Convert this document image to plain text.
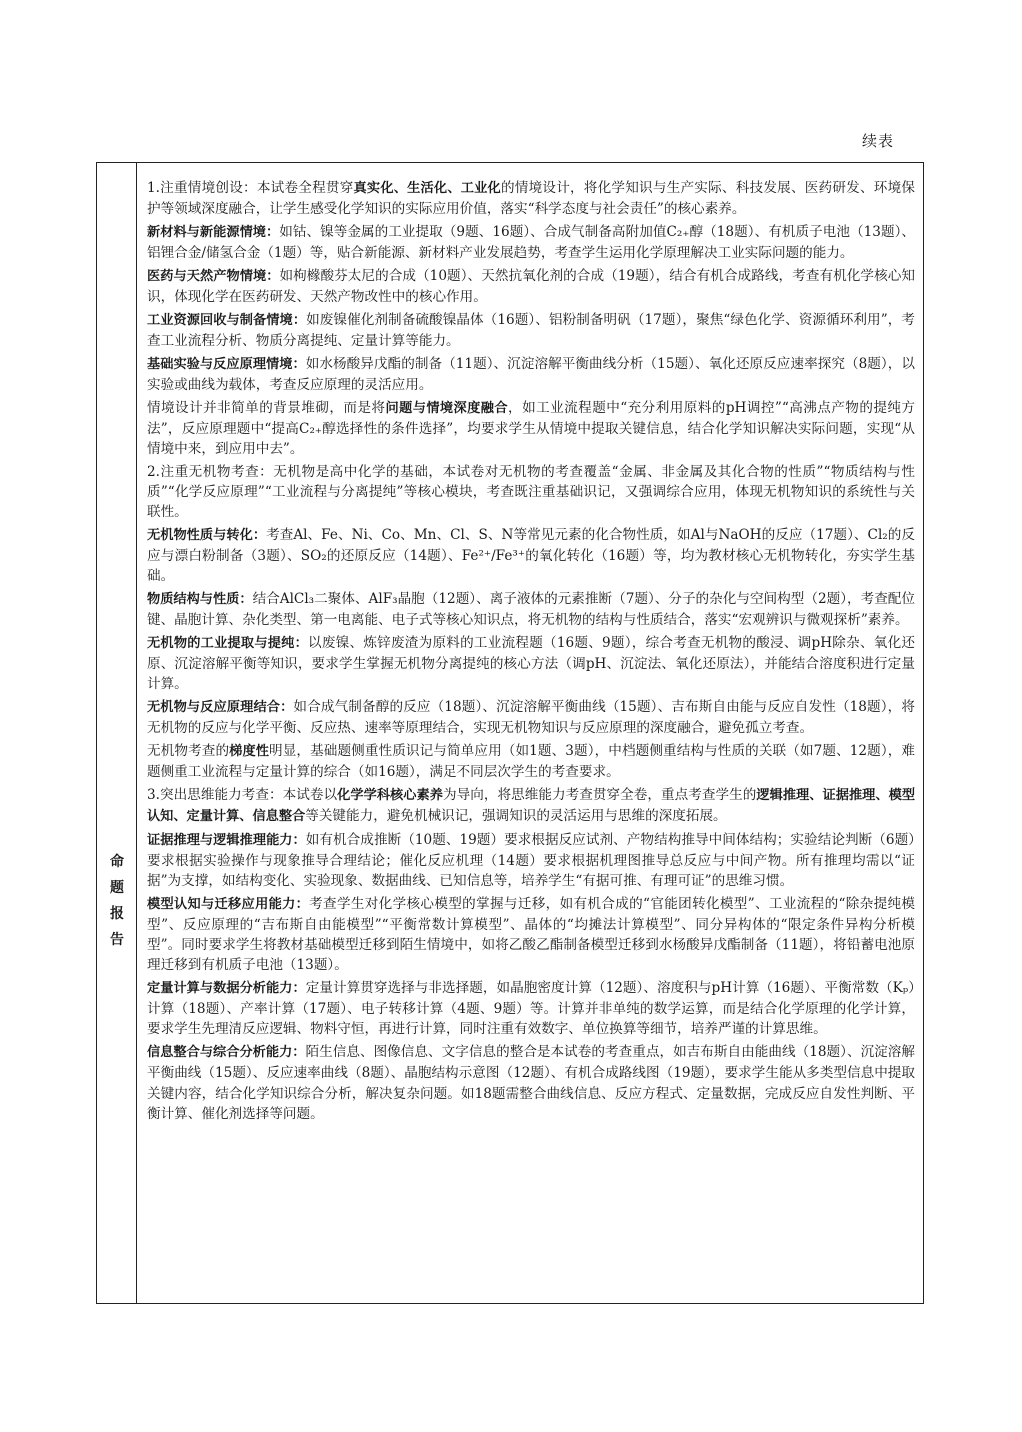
续表
命
题
报
告

1.注重情境创设：本试卷全程贯穿真实化、生活化、工业化的情境设计，将化学知识与生产实际、科技发展、医药研发、环境保护等领域深度融合，让学生感受化学知识的实际应用价值，落实“科学态度与社会责任”的核心素养。

新材料与新能源情境：如钴、镍等金属的工业提取（9题、16题）、合成气制备高附加值C₂₊醇（18题）、有机质子电池（13题）、铝锂合金/储氢合金（1题）等，贴合新能源、新材料产业发展趋势，考查学生运用化学原理解决工业实际问题的能力。

医药与天然产物情境：如枸橼酸芬太尼的合成（10题）、天然抗氧化剂的合成（19题），结合有机合成路线，考查有机化学核心知识，体现化学在医药研发、天然产物改性中的核心作用。

工业资源回收与制备情境：如废镍催化剂制备硫酸镍晶体（16题）、铝粉制备明矾（17题），聚焦“绿色化学、资源循环利用”，考查工业流程分析、物质分离提纯、定量计算等能力。

基础实验与反应原理情境：如水杨酸异戊酯的制备（11题）、沉淀溶解平衡曲线分析（15题）、氧化还原反应速率探究（8题），以实验或曲线为载体，考查反应原理的灵活应用。

情境设计并非简单的背景堆砌，而是将问题与情境深度融合，如工业流程题中“充分利用原料的pH调控”“高沸点产物的提纯方法”，反应原理题中“提高C₂₊醇选择性的条件选择”，均要求学生从情境中提取关键信息，结合化学知识解决实际问题，实现“从情境中来，到应用中去”。

2.注重无机物考查：无机物是高中化学的基础，本试卷对无机物的考查覆盖“金属、非金属及其化合物的性质”“物质结构与性质”“化学反应原理”“工业流程与分离提纯”等核心模块，考查既注重基础识记，又强调综合应用，体现无机物知识的系统性与关联性。

无机物性质与转化：考查Al、Fe、Ni、Co、Mn、Cl、S、N等常见元素的化合物性质，如Al与NaOH的反应（17题）、Cl₂的反应与漂白粉制备（3题）、SO₂的还原反应（14题）、Fe²⁺/Fe³⁺的氧化转化（16题）等，均为教材核心无机物转化，夯实学生基础。

物质结构与性质：结合AlCl₃二聚体、AlF₃晶胞（12题）、离子液体的元素推断（7题）、分子的杂化与空间构型（2题），考查配位键、晶胞计算、杂化类型、第一电离能、电子式等核心知识点，将无机物的结构与性质结合，落实“宏观辨识与微观探析”素养。

无机物的工业提取与提纯：以废镍、炼锌废渣为原料的工业流程题（16题、9题），综合考查无机物的酸浸、调pH除杂、氧化还原、沉淀溶解平衡等知识，要求学生掌握无机物分离提纯的核心方法（调pH、沉淀法、氧化还原法），并能结合溶度积进行定量计算。

无机物与反应原理结合：如合成气制备醇的反应（18题）、沉淀溶解平衡曲线（15题）、吉布斯自由能与反应自发性（18题），将无机物的反应与化学平衡、反应热、速率等原理结合，实现无机物知识与反应原理的深度融合，避免孤立考查。

无机物考查的梯度性明显，基础题侧重性质识记与简单应用（如1题、3题），中档题侧重结构与性质的关联（如7题、12题），难题侧重工业流程与定量计算的综合（如16题），满足不同层次学生的考查要求。

3.突出思维能力考查：本试卷以化学学科核心素养为导向，将思维能力考查贯穿全卷，重点考查学生的逻辑推理、证据推理、模型认知、定量计算、信息整合等关键能力，避免机械识记，强调知识的灵活运用与思维的深度拓展。

证据推理与逻辑推理能力：如有机合成推断（10题、19题）要求根据反应试剂、产物结构推导中间体结构；实验结论判断（6题）要求根据实验操作与现象推导合理结论；催化反应机理（14题）要求根据机理图推导总反应与中间产物。所有推理均需以“证据”为支撑，如结构变化、实验现象、数据曲线、已知信息等，培养学生“有据可推、有理可证”的思维习惯。

模型认知与迁移应用能力：考查学生对化学核心模型的掌握与迁移，如有机合成的“官能团转化模型”、工业流程的“除杂提纯模型”、反应原理的“吉布斯自由能模型”“平衡常数计算模型”、晶体的“均摊法计算模型”、同分异构体的“限定条件异构分析模型”。同时要求学生将教材基础模型迁移到陌生情境中，如将乙酸乙酯制备模型迁移到水杨酸异戊酯制备（11题），将铅蓄电池原理迁移到有机质子电池（13题）。

定量计算与数据分析能力：定量计算贯穿选择与非选择题，如晶胞密度计算（12题）、溶度积与pH计算（16题）、平衡常数（Kₚ）计算（18题）、产率计算（17题）、电子转移计算（4题、9题）等。计算并非单纯的数学运算，而是结合化学原理的化学计算，要求学生先理清反应逻辑、物料守恒，再进行计算，同时注重有效数字、单位换算等细节，培养严谨的计算思维。

信息整合与综合分析能力：陌生信息、图像信息、文字信息的整合是本试卷的考查重点，如吉布斯自由能曲线（18题）、沉淀溶解平衡曲线（15题）、反应速率曲线（8题）、晶胞结构示意图（12题）、有机合成路线图（19题），要求学生能从多类型信息中提取关键内容，结合化学知识综合分析，解决复杂问题。如18题需整合曲线信息、反应方程式、定量数据，完成反应自发性判断、平衡计算、催化剂选择等问题。
